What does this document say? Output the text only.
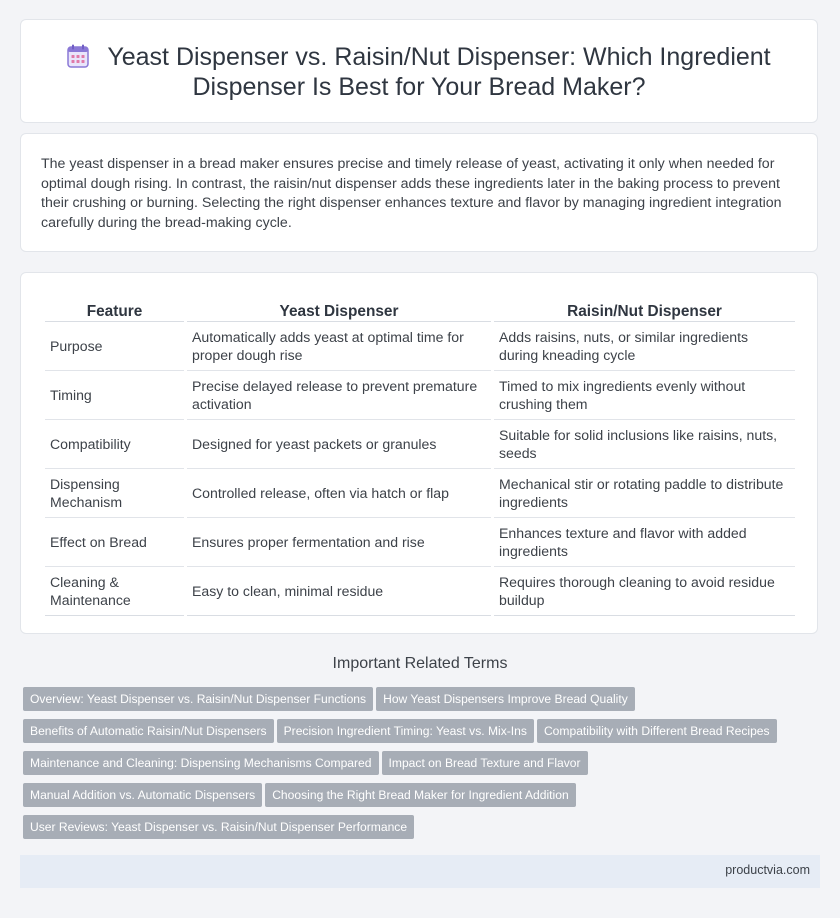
Yeast Dispenser vs. Raisin/Nut Dispenser: Which Ingredient
Dispenser Is Best for Your Bread Maker?
The yeast dispenser in a bread maker ensures precise and timely release of yeast, activating it only when needed for optimal dough rising. In contrast, the raisin/nut dispenser adds these ingredients later in the baking process to prevent their crushing or burning. Selecting the right dispenser enhances texture and flavor by managing ingredient integration carefully during the bread-making cycle.
Feature	Yeast Dispenser	Raisin/Nut Dispenser
Purpose	Automatically adds yeast at optimal time for proper dough rise	Adds raisins, nuts, or similar ingredients during kneading cycle
Timing	Precise delayed release to prevent premature activation	Timed to mix ingredients evenly without crushing them
Compatibility	Designed for yeast packets or granules	Suitable for solid inclusions like raisins, nuts, seeds
Dispensing Mechanism	Controlled release, often via hatch or flap	Mechanical stir or rotating paddle to distribute ingredients
Effect on Bread	Ensures proper fermentation and rise	Enhances texture and flavor with added ingredients
Cleaning & Maintenance	Easy to clean, minimal residue	Requires thorough cleaning to avoid residue buildup
Important Related Terms
Overview: Yeast Dispenser vs. Raisin/Nut Dispenser Functions How Yeast Dispensers Improve Bread Quality
Benefits of Automatic Raisin/Nut Dispensers Precision Ingredient Timing: Yeast vs. Mix-Ins Compatibility with Different Bread Recipes
Maintenance and Cleaning: Dispensing Mechanisms Compared Impact on Bread Texture and Flavor
Manual Addition vs. Automatic Dispensers Choosing the Right Bread Maker for Ingredient Addition
User Reviews: Yeast Dispenser vs. Raisin/Nut Dispenser Performance
productvia.com
